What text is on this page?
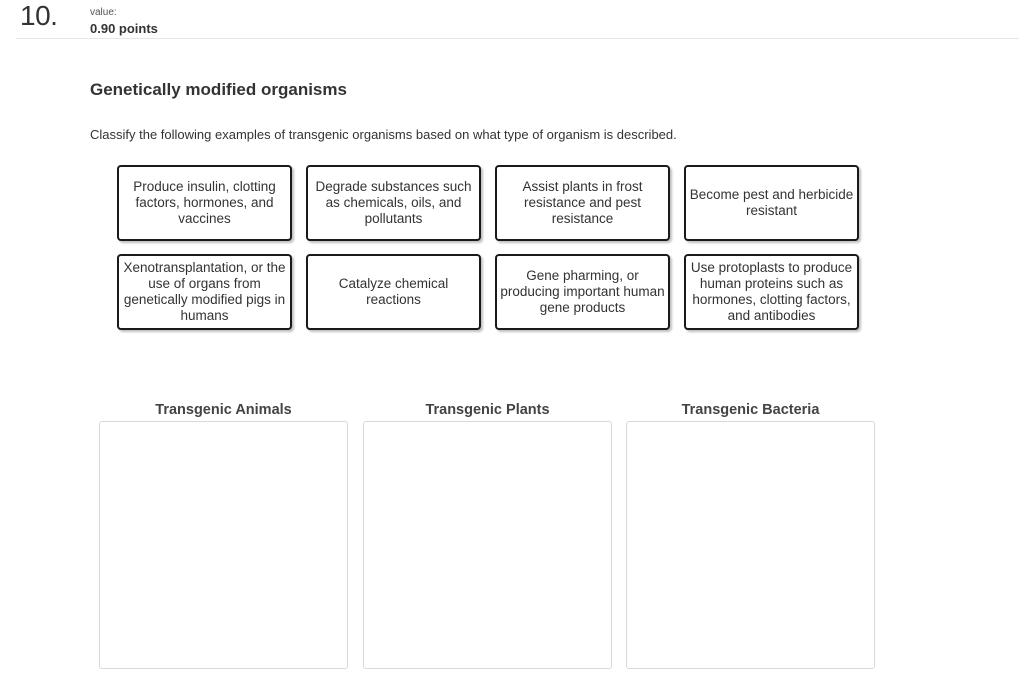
10.	value:
0.90 points
Genetically modified organisms
Classify the following examples of transgenic organisms based on what type of organism is described.
Produce insulin, clotting factors, hormones, and vaccines
Degrade substances such as chemicals, oils, and pollutants
Assist plants in frost resistance and pest resistance
Become pest and herbicide resistant
Xenotransplantation, or the use of organs from genetically modified pigs in humans
Catalyze chemical reactions
Gene pharming, or producing important human gene products
Use protoplasts to produce human proteins such as hormones, clotting factors, and antibodies
Transgenic Animals	Transgenic Plants	Transgenic Bacteria
